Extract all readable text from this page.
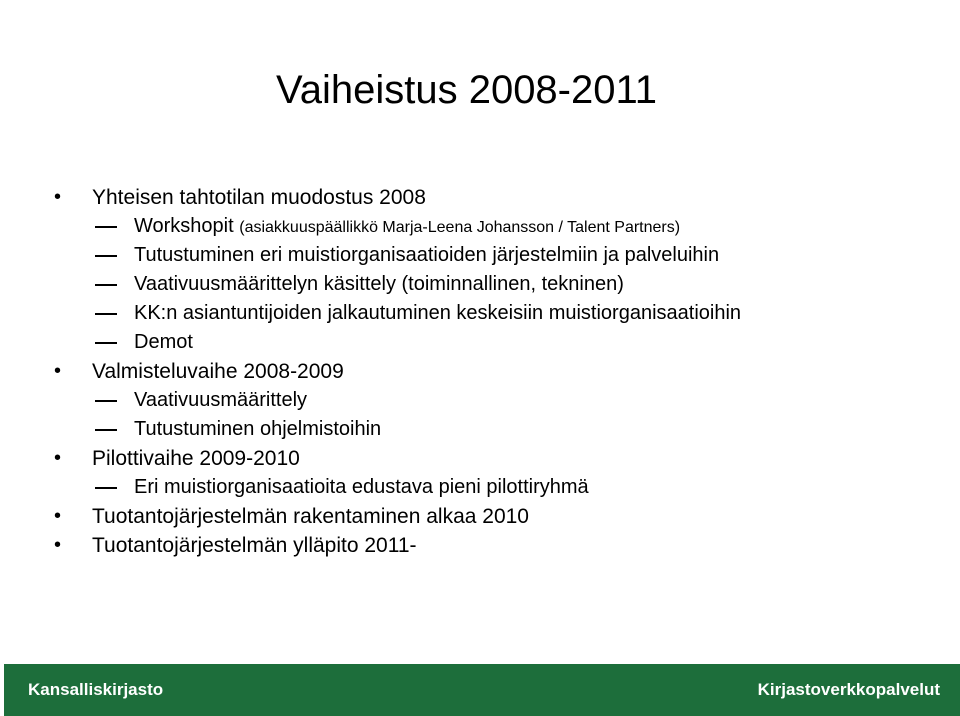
Vaiheistus 2008-2011
• Yhteisen tahtotilan muodostus 2008
Workshopit (asiakkuuspäällikkö Marja-Leena Johansson / Talent Partners)
Tutustuminen eri muistiorganisaatioiden järjestelmiin ja palveluihin
Vaativuusmäärittelyn käsittely (toiminnallinen, tekninen)
KK:n asiantuntijoiden jalkautuminen keskeisiin muistiorganisaatioihin
Demot
• Valmisteluvaihe 2008-2009
Vaativuusmäärittely
Tutustuminen ohjelmistoihin
• Pilottivaihe 2009-2010
Eri muistiorganisaatioita edustava pieni pilottiryhmä
• Tuotantojärjestelmän rakentaminen alkaa 2010
• Tuotantojärjestelmän ylläpito 2011-
Kansalliskirjasto	Kirjastoverkkopalvelut
